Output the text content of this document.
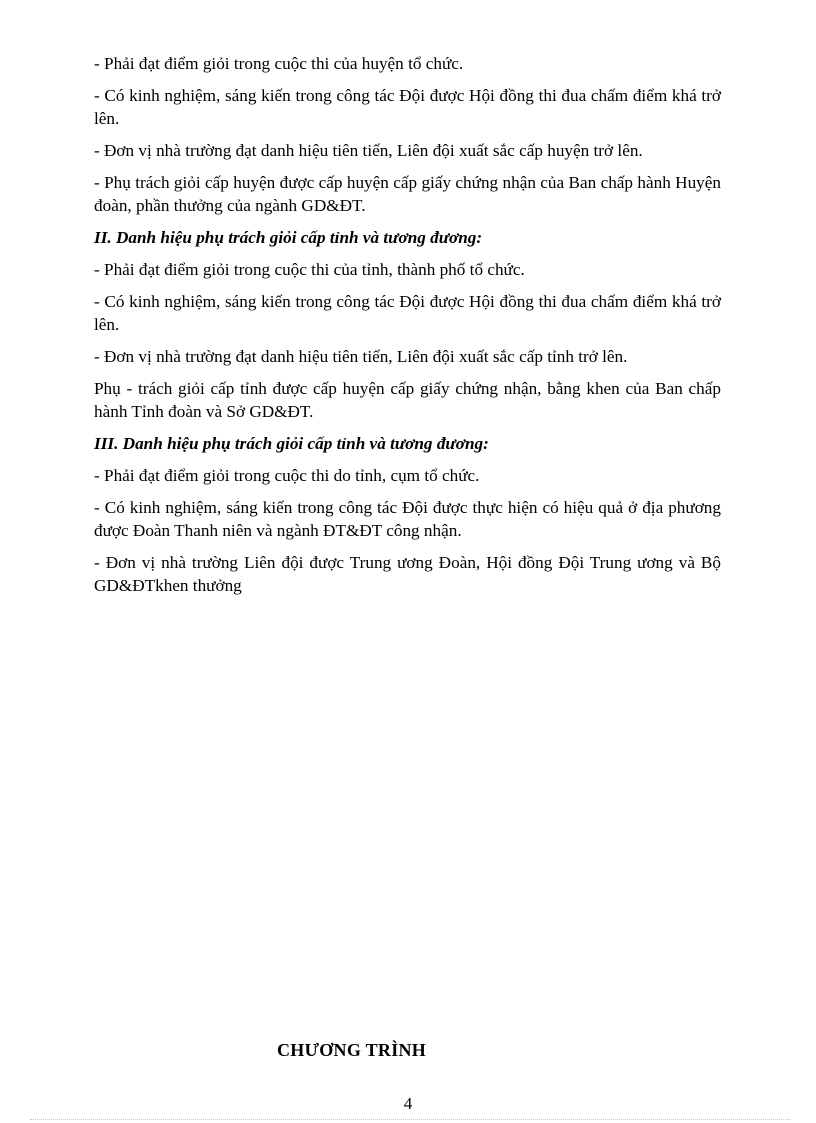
- Phải đạt điểm giỏi trong cuộc thi của huyện tổ chức.

- Có kinh nghiệm, sáng kiến trong công tác Đội được Hội đồng thi đua chấm điểm khá trở lên.

- Đơn vị nhà trường đạt danh hiệu tiên tiến, Liên đội xuất sắc cấp huyện trở lên.

- Phụ trách giỏi cấp huyện được cấp huyện cấp giấy chứng nhận của Ban chấp hành Huyện đoàn, phần thưởng của ngành GD&ĐT.

II. Danh hiệu phụ trách giỏi cấp tỉnh và tương đương:

- Phải đạt điểm giỏi trong cuộc thi của tỉnh, thành phố tổ chức.

- Có kinh nghiệm, sáng kiến trong công tác Đội được Hội đồng thi đua chấm điểm khá trở lên.

- Đơn vị nhà trường đạt danh hiệu tiên tiến, Liên đội xuất sắc cấp tỉnh trở lên.

Phụ - trách giỏi cấp tỉnh được cấp huyện cấp giấy chứng nhận, bằng khen của Ban chấp hành Tỉnh đoàn và Sở GD&ĐT.

III. Danh hiệu phụ trách giỏi cấp tỉnh và tương đương:

- Phải đạt điểm giỏi trong cuộc thi do tỉnh, cụm tổ chức.

- Có kinh nghiệm, sáng kiến trong công tác Đội được thực hiện có hiệu quả ở địa phương được Đoàn Thanh niên và ngành ĐT&ĐT công nhận.

- Đơn vị nhà trường Liên đội được Trung ương Đoàn, Hội đồng Đội Trung ương và Bộ GD&ĐTkhen thưởng

CHƯƠNG TRÌNH

4
